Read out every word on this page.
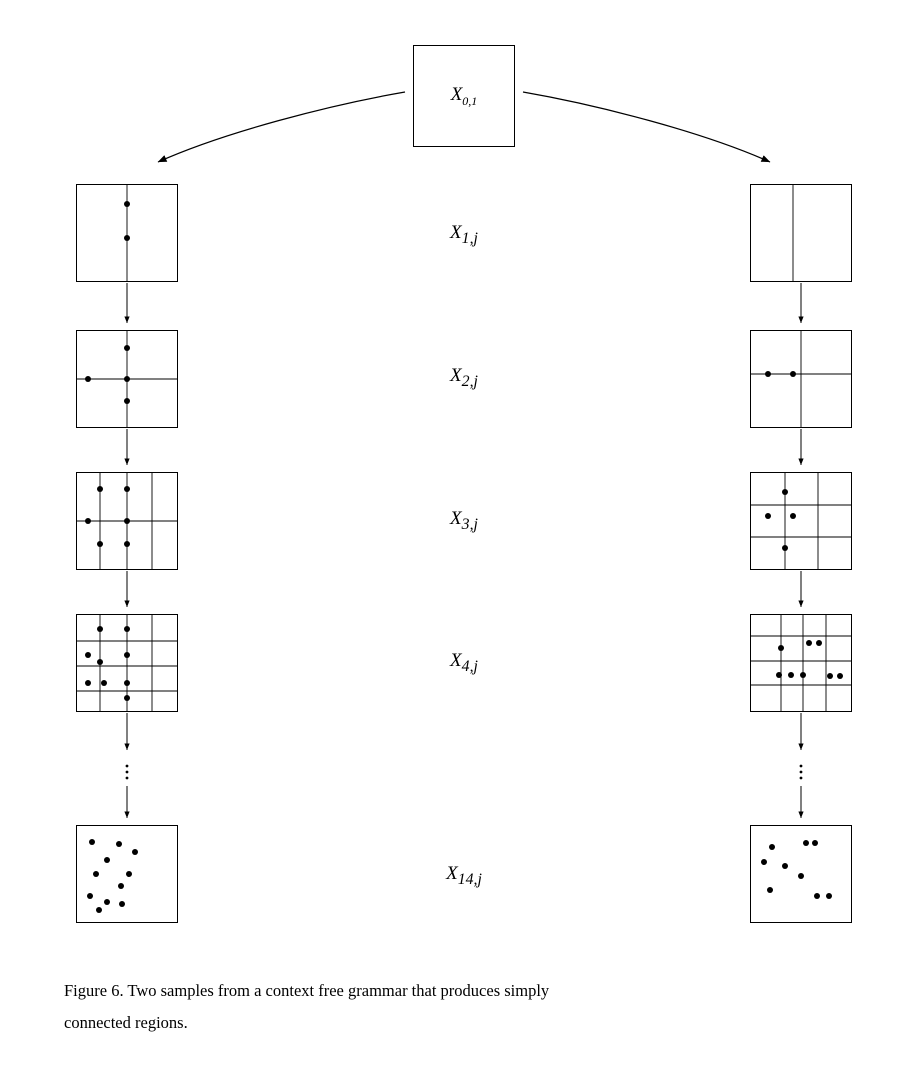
$X_{0,1}$
$X_{1,j}$
$X_{2,j}$
$X_{3,j}$
$X_{4,j}$
$X_{14,j}$
Figure 6. Two samples from a context free grammar that produces simply
connected regions.
